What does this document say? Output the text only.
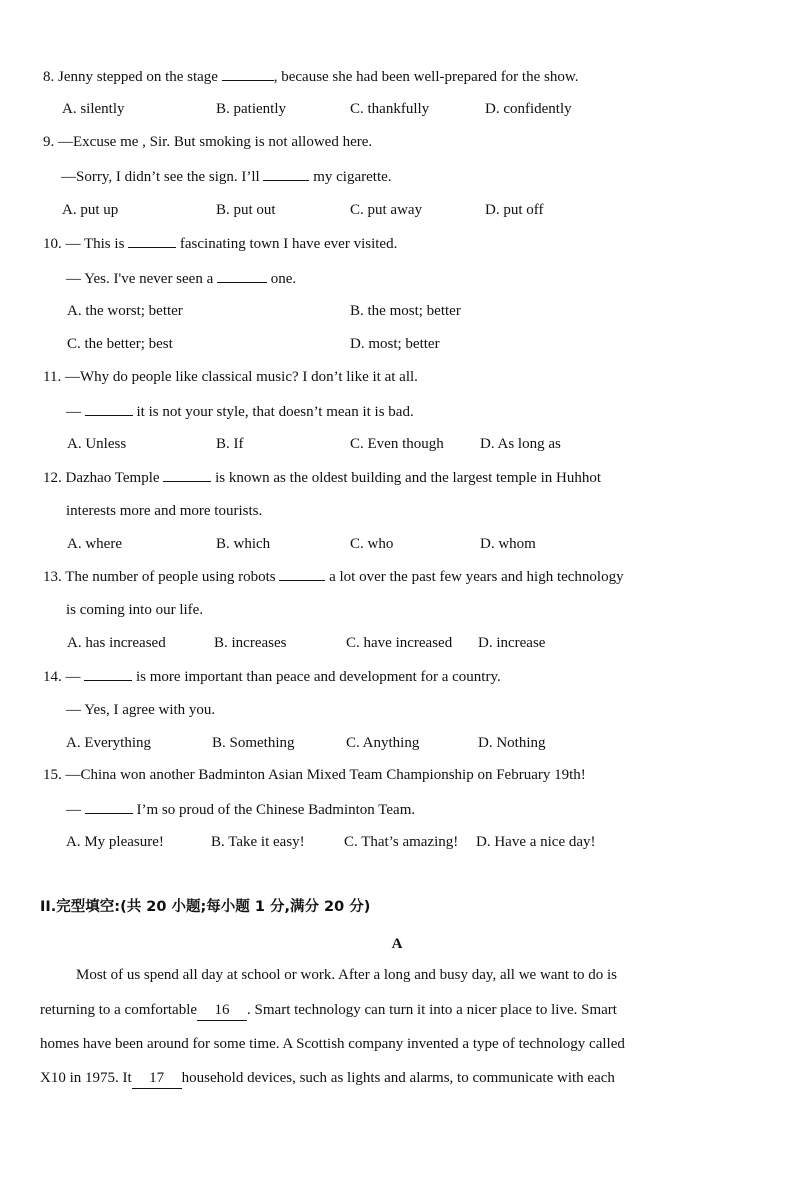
8. Jenny stepped on the stage	, because she had been well-prepared for the show.
A. silently	B. patiently	C. thankfully	D. confidently
9. —Excuse me , Sir. But smoking is not allowed here.
—Sorry, I didn’t see the sign. I’ll	my cigarette.
A. put up	B. put out	C. put away	D. put off
10. — This is	fascinating town I have ever visited.
— Yes. I've never seen a	one.
A. the worst; better	B. the most; better
C. the better; best	D. most; better
11. —Why do people like classical music? I don’t like it at all.
—	it is not your style, that doesn’t mean it is bad.
A. Unless	B. If	C. Even though D. As long as
12. Dazhao Temple	is known as the oldest building and the largest temple in Huhhot
interests more and more tourists.
A. where	B. which	C. who	D. whom
13. The number of people using robots	a lot over the past few years and high technology
is coming into our life.
A. has increased	B. increases	C. have increased D. increase
14. —	is more important than peace and development for a country.
— Yes, I agree with you.
A. Everything	B. Something	C. Anything	D. Nothing
15. —China won another Badminton Asian Mixed Team Championship on February 19th!
—	I’m so proud of the Chinese Badminton Team.
A. My pleasure!	B. Take it easy!	C. That’s amazing! D. Have a nice day!
II.完型填空:(共 20 小题;每小题 1 分,满分 20 分)
A
Most of us spend all day at school or work. After a long and busy day, all we want to do is
returning to a comfortable 16 . Smart technology can turn it into a nicer place to live. Smart
homes have been around for some time. A Scottish company invented a type of technology called
X10 in 1975. It 17 household devices, such as lights and alarms, to communicate with each
